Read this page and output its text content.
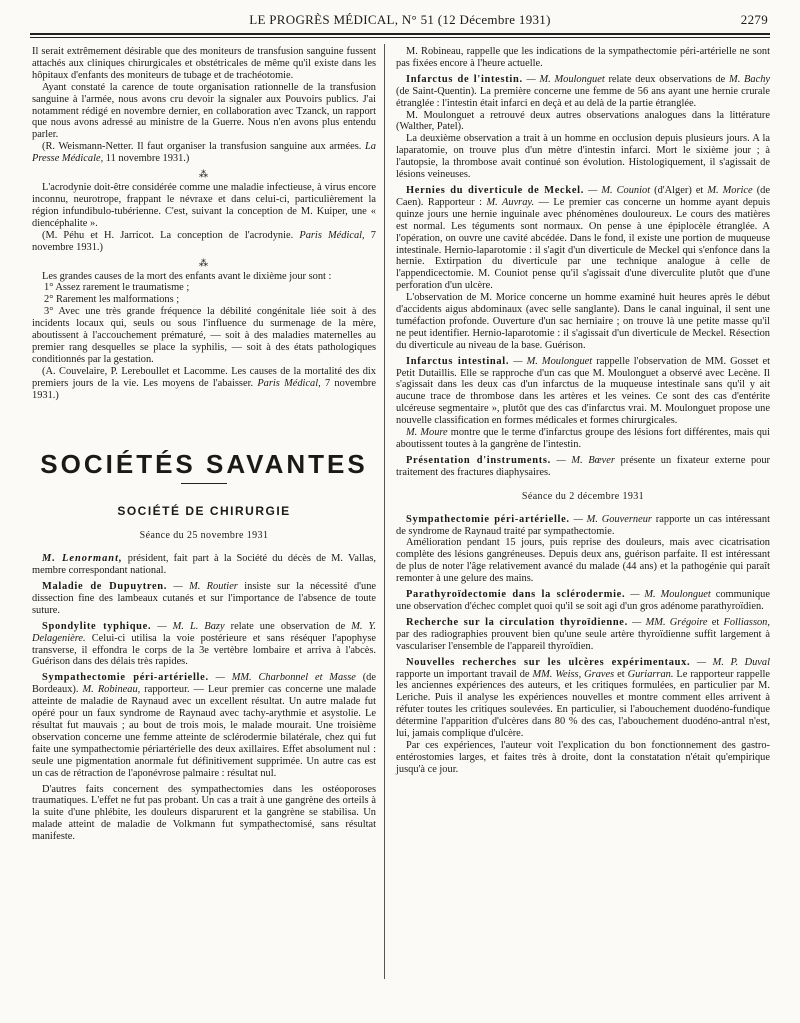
LE PROGRÈS MÉDICAL, N° 51 (12 Décembre 1931)	2279

Il serait extrêmement désirable que des moniteurs de transfusion sanguine fussent attachés aux cliniques chirurgicales et obstétricales de même qu'il existe dans les hôpitaux d'enfants des moniteurs de tubage et de trachéotomie.

Ayant constaté la carence de toute organisation rationnelle de la transfusion sanguine à l'armée, nous avons cru devoir la signaler aux Pouvoirs publics. J'ai notamment rédigé en novembre dernier, en collaboration avec Tzanck, un rapport que nous avons adressé au ministre de la Guerre. Nous n'en avons plus entendu parler.

(R. Weismann-Netter. Il faut organiser la transfusion sanguine aux armées. La Presse Médicale, 11 novembre 1931.)

⁂

L'acrodynie doit-être considérée comme une maladie infectieuse, à virus encore inconnu, neurotrope, frappant le névraxe et dans celui-ci, particulièrement la région infundibulo-tubérienne. C'est, suivant la conception de M. Kuiper, une « diencéphalite ».

(M. Péhu et H. Jarricot. La conception de l'acrodynie. Paris Médical, 7 novembre 1931.)

⁂

Les grandes causes de la mort des enfants avant le dixième jour sont :

1° Assez rarement le traumatisme ;

2° Rarement les malformations ;

3° Avec une très grande fréquence la débilité congénitale liée soit à des incidents locaux qui, seuls ou sous l'influence du surmenage de la mère, aboutissent à l'accouchement prématuré, — soit à des maladies maternelles au premier rang desquelles se place la syphilis, — soit à des états pathologiques conditionnés par la gestation.

(A. Couvelaire, P. Lereboullet et Lacomme. Les causes de la mortalité des dix premiers jours de la vie. Les moyens de l'abaisser. Paris Médical, 7 novembre 1931.)

SOCIÉTÉS SAVANTES
SOCIÉTÉ DE CHIRURGIE
Séance du 25 novembre 1931

M. Lenormant, président, fait part à la Société du décès de M. Vallas, membre correspondant national.

Maladie de Dupuytren. — M. Routier insiste sur la nécessité d'une dissection fine des lambeaux cutanés et sur l'importance de l'absence de toute suture.

Spondylite typhique. — M. L. Bazy relate une observation de M. Y. Delagenière. Celui-ci utilisa la voie postérieure et sans réséquer l'apophyse transverse, il effondra le corps de la 3e vertèbre lombaire et arriva à l'abcès. Guérison dans des délais très rapides.

Sympathectomie péri-artérielle. — MM. Charbonnel et Masse (de Bordeaux). M. Robineau, rapporteur. — Leur premier cas concerne une malade atteinte de maladie de Raynaud avec un excellent résultat. Un autre malade fut opéré pour un faux syndrome de Raynaud avec tachy-arythmie et asystolie. Le résultat fut mauvais ; au bout de trois mois, le malade mourait. Une troisième observation concerne une femme atteinte de sclérodermie bilatérale, chez qui fut faite une sympathectomie périartérielle des deux axillaires. Effet absolument nul : seule une pigmentation anormale fut définitivement supprimée. Un autre cas est un cas de rétraction de l'aponévrose palmaire : résultat nul.

D'autres faits concernent des sympathectomies dans les ostéoporoses traumatiques. L'effet ne fut pas probant. Un cas a trait à une gangrène des orteils à la suite d'une phlébite, les douleurs disparurent et la gangrène se stabilisa. Un malade atteint de maladie de Volkmann fut sympathectomisé, sans résultat manifeste.

M. Robineau, rappelle que les indications de la sympathectomie péri-artérielle ne sont pas fixées encore à l'heure actuelle.

Infarctus de l'intestin. — M. Moulonguet relate deux observations de M. Bachy (de Saint-Quentin). La première concerne une femme de 56 ans ayant une hernie crurale étranglée : l'intestin était infarci en deçà et au delà de la partie étranglée.

M. Moulonguet a retrouvé deux autres observations analogues dans la littérature (Walther, Patel).

La deuxième observation a trait à un homme en occlusion depuis plusieurs jours. A la laparatomie, on trouve plus d'un mètre d'intestin infarci. Mort le sixième jour ; à l'autopsie, la thrombose avait continué son évolution. Histologiquement, il s'agissait de lésions veineuses.

Hernies du diverticule de Meckel. — M. Couniot (d'Alger) et M. Morice (de Caen). Rapporteur : M. Auvray. — Le premier cas concerne un homme ayant depuis quinze jours une hernie inguinale avec phénomènes douloureux. Le cours des matières est normal. Les téguments sont normaux. On pense à une épiplocèle étranglée. A l'opération, on ouvre une cavité abcédée. Dans le fond, il existe une portion de muqueuse intestinale. Hernio-laparotomie : il s'agit d'un diverticule de Meckel qui s'enfonce dans la hernie. Extirpation du diverticule par une technique analogue à celle de l'appendicectomie. M. Couniot pense qu'il s'agissait d'une diverculite plutôt que d'une perforation d'un ulcère.

L'observation de M. Morice concerne un homme examiné huit heures après le début d'accidents aigus abdominaux (avec selle sanglante). Dans le canal inguinal, il sent une tuméfaction profonde. Ouverture d'un sac herniaire ; on trouve là une petite masse qu'il ne peut identifier. Hernio-laparotomie : il s'agissait d'un diverticule de Meckel. Résection du diverticule au niveau de la base. Guérison.

Infarctus intestinal. — M. Moulonguet rappelle l'observation de MM. Gosset et Petit Dutaillis. Elle se rapproche d'un cas que M. Moulonguet a observé avec Lecène. Il s'agissait dans les deux cas d'un infarctus de la muqueuse intestinale sans qu'il y ait aucune trace de thrombose dans les artères et les veines. Ce sont des cas d'entérite ulcéreuse segmentaire », plutôt que des cas d'infarctus vrai. M. Moulonguet propose une nouvelle classification en formes médicales et formes chirurgicales.

M. Moure montre que le terme d'infarctus groupe des lésions fort différentes, mais qui aboutissent toutes à la gangrène de l'intestin.

Présentation d'instruments. — M. Bœver présente un fixateur externe pour traitement des fractures diaphysaires.

Séance du 2 décembre 1931

Sympathectomie péri-artérielle. — M. Gouverneur rapporte un cas intéressant de syndrome de Raynaud traité par sympathectomie.

Amélioration pendant 15 jours, puis reprise des douleurs, mais avec cicatrisation complète des lésions gangréneuses. Depuis deux ans, guérison parfaite. Il est intéressant de plus de noter l'âge relativement avancé du malade (44 ans) et la pathogénie qui paraît remonter à une gelure des mains.

Parathyroïdectomie dans la sclérodermie. — M. Moulonguet communique une observation d'échec complet quoi qu'il se soit agi d'un gros adénome parathyroïdien.

Recherche sur la circulation thyroïdienne. — MM. Grégoire et Folliasson, par des radiographies prouvent bien qu'une seule artère thyroïdienne suffit largement à vasculariser l'ensemble de l'appareil thyroïdien.

Nouvelles recherches sur les ulcères expérimentaux. — M. P. Duval rapporte un important travail de MM. Weiss, Graves et Guriarran. Le rapporteur rappelle les anciennes expériences des auteurs, et les critiques formulées, en particulier par M. Leriche. Puis il analyse les expériences nouvelles et montre comment elles arrivent à réfuter toutes les critiques soulevées. En particulier, si l'abouchement duodéno-fundique détermine l'apparition d'ulcères dans 80 % des cas, l'abouchement duodéno-antral n'est, lui, jamais complique d'ulcère.

Par ces expériences, l'auteur voit l'explication du bon fonctionnement des gastro-entérostomies larges, et faites très à droite, dont la constatation n'était qu'empirique jusqu'à ce jour.
